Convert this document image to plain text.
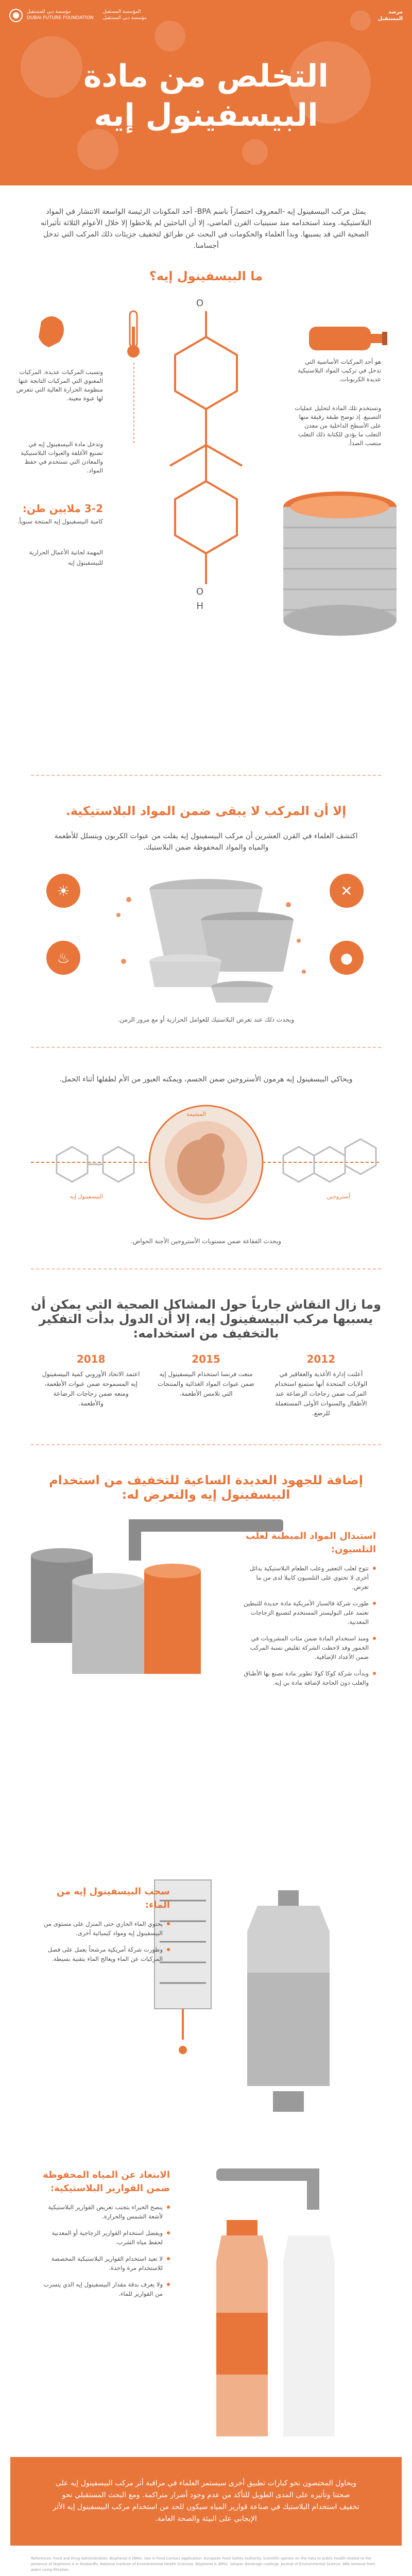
مرصد
المستقبل
مؤسسة دبي للمستقبل
DUBAI FUTURE FOUNDATION
المؤسسة المستقبل
مؤسسة دبي المستقبل
التخلص من مادة
البيسفينول إيه
يمثل مركب البيسفينول إيه -المعروف اختصاراً باسم BPA- أحد المكونات الرئيسة الواسعة الانتشار في المواد البلاستيكية. ومنذ استخدامه منذ سنينيات القرن الماضي، إلا أن الباحثين لم يلاحظوا إلا خلال الأعوام الثلاثة تأثيراته الصحية التي قد يسببها. وبدأ العلماء والحكومات في البحث عن طرائق لتخفيف جزيئات ذلك المركب التي تدخل أجسامنا.
ما البيسفينول إيه؟
O
O
H
وتسبب المركبات عديدة. المركبات المعنوي التي المركبات الناتجة عنها منظومة الحرارة العالية التي تتعرض لها عبوة معينة.
وتدخل مادة البيسفينول إيه في تصنيع الأغلفة والعبوات البلاستيكية والمعادن التي تستخدم في حفظ المواد.
3-2 ملايين طن:
كامية البيسفينول إيه المنتجة سنوياً.
المهمة لجانية الأعمال الحرارية
للبيسفينول إيه
هو أحد المركبات الأساسية التي تدخل في تركيب المواد البلاستيكية عديدة الكربونات.
وتستخدم تلك المادة لتحليل عمليات التصنيع. إذ توضح طبقة رقيقة منها على الأسطح الداخلية من معدن التعلب ما يؤدي للكتابة ذلك التعلب منصب الصدأ.
إلا أن المركب لا يبقى ضمن المواد البلاستيكية.
اكتشف العلماء في القرن العشرين أن مركب البيسفينول إيه يفلت من عبوات الكربون ويتسلل للأطعمة والمياه والمواد المحفوظة ضمن البلاستيك.
☀
♨
✕
●
ويحدث ذلك عند تعرض البلاستيك للعوامل الحرارية أو مع مرور الزمن.
ويحاكي البيسفينول إيه هرمون الأستروجين ضمن الجسم، ويمكنه العبور من الأم لطفلها أثناء الحمل.
المشيمة
البيسفينول إيه	أستروجين
ويحدث الفقاعة ضمن مستويات الأستروجين الأجنة الحواض.
وما زال النقاش جارياً حول المشاكل الصحية التي يمكن أن يسببها مركب البيسفينول إيه، إلا أن الدول بدأت التفكير بالتخفيف من استخدامه:
2012
أعلنت إدارة الأغذية والعقاقير في الولايات المتحدة أنها ستمنع استخدام المركب ضمن زجاجات الرضاعة عند الأطفال والسنوات الأولى المستعملة للرضع.
2015
منعت فرنسا استخدام البيسفينول إيه ضمن عبوات المواد الغذائية والمنتجات التي تلامس الأطعمة.
2018
اعتمد الاتحاد الأوروبي كمية البيسفينول إيه المسموحة ضمن عبوات الأطعمة، ومنعه ضمن زجاجات الرضاعة والأطعمة.
إضافة للجهود العديدة الساعية للتخفيف من استخدام البيسفينول إيه والتعرض له:
استبدال المواد المبطنة لعلب التلسيون:
تتوج لعلب التعفير وعلب الطعام البلاستيكية بدائل أخرى لا تحتوي على التلسيون كابيلا لدى من ما تعرض.
طورت شركة فالسبار الأمريكية مادة جديدة للتبطين تعتمد على البوليستر المستخدم لتصنيع الزجاجات المعدنية.
ومنذ استخدام المادة ضمن مئات المشروبات في الخمور وقد لاحظت الشركة تقليص نسبة المركب ضمن الأعداد الإضافية.
وبدأت شركة كوكا كولا تطوير مادة تصنع بها الأطباق والعلب دون الحاجة لإضافة مادة بي إيه.
سحب البيسفينول إيه من الماء:
يحتوي الماء الجاري حتى المنزل على مستوى من البيسفينول إيه ومواد كيميائية أخرى.
وطورت شركة أمريكية مرشحاً يعمل على فصل المركبات عن الماء ويعالج الماء بتقنية بسيطة.
الابتعاد عن المياه المحفوظة ضمن القوارير البلاستيكية:
ينصح الخبراء بتجنب تعريض القوارير البلاستيكية لأشعة الشمس والحرارة.
ويفضل استخدام القوارير الزجاجية أو المعدنية لحفظ مياه الشرب.
لا تعيد استخدام القوارير البلاستيكية المخصصة للاستخدام مرة واحدة.
ولا يعرف بدقة مقدار البيسفينول إيه الذي يتسرب من القوارير للماء.
ويحاول المختصون نحو كبارات تطبيق أخرى سيستمر العلماء في مراقبة أثر مركب البيسفينول إيه على صحتنا وتأثيره على المدى الطويل للتأكد من عدم وجود أضرار متراكمة. ومع البحث المستقبلي نحو تخفيف استخدام البلاستيك في صناعة قوارير المياه سيكون للحد من استخدام مركب البيسفينول إيه الأثر الإيجابي على البيئة والصحة العامة.
References: Food and Drug Administration. Bisphenol A (BPA): Use in Food Contact Application. European Food Safety Authority. Scientific opinion on the risks to public health related to the presence of bisphenol A in foodstuffs. National Institute of Environmental Health Sciences. Bisphenol A (BPA). Valspar. Beverage coatings. Journal of Environmental Science. BPA removal from water using filtration.
